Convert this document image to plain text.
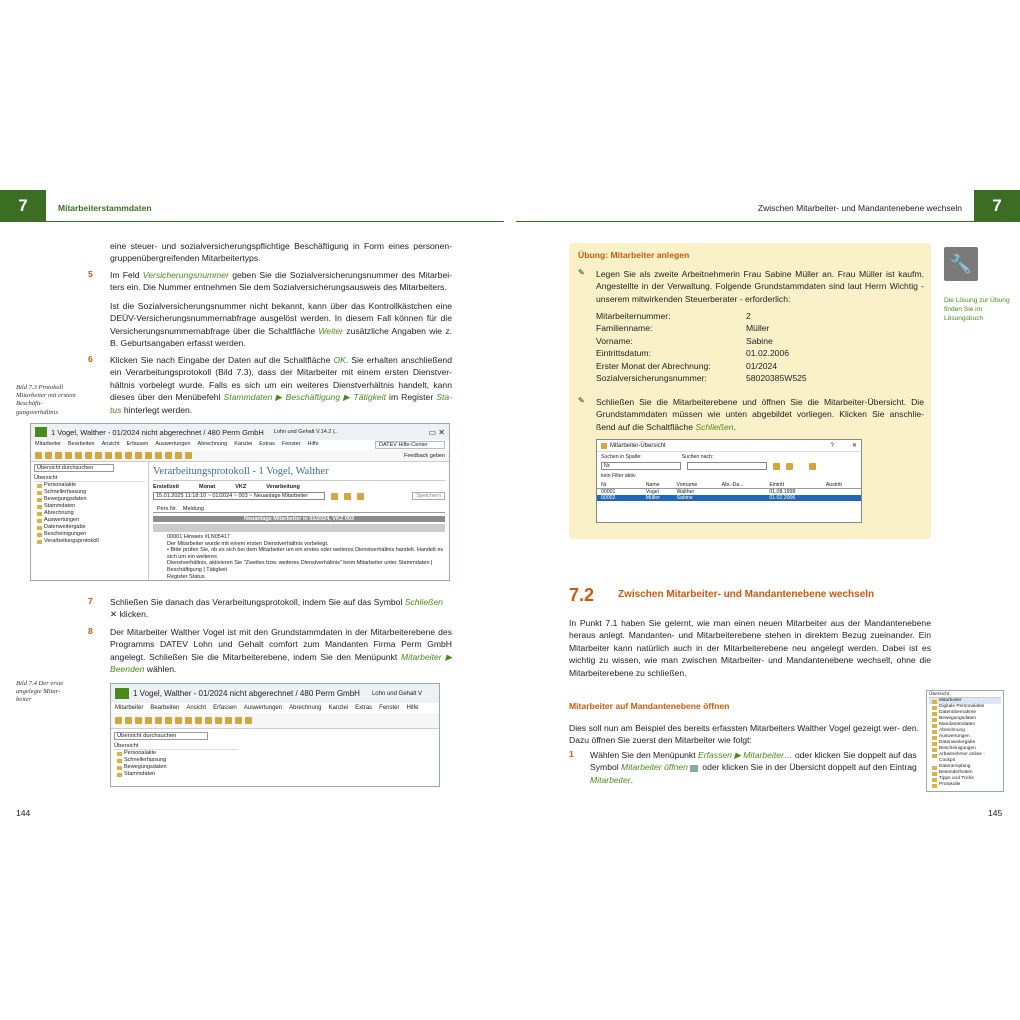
7	Mitarbeiterstammdaten

eine steuer- und sozialversicherungspflichtige Beschäftigung in Form eines personen- gruppenübergreifenden Mitarbeitertyps.

5 Im Feld Versicherungsnummer geben Sie die Sozialversicherungsnummer des Mitarbei- ters ein. Die Nummer entnehmen Sie dem Sozialversicherungsausweis des Mitarbeiters.

Ist die Sozialversicherungsnummer nicht bekannt, kann über das Kontrollkästchen eine DEÜV-Versicherungsnummernabfrage ausgelöst werden. In diesem Fall können für die Versicherungsnummernabfrage über die Schaltfläche Weiter zusätzliche Angaben wie z. B. Geburtsangaben erfasst werden.

6 Klicken Sie nach Eingabe der Daten auf die Schaltfläche OK. Sie erhalten anschließend ein Verarbeitungsprotokoll (Bild 7.3), dass der Mitarbeiter mit einem ersten Dienstver- hältnis vorbelegt wurde. Falls es sich um ein weiteres Dienstverhältnis handelt, kann dieses über den Menübefehl Stammdaten ▶ Beschäftigung ▶ Tätigkeit im Register Sta- tus hinterlegt werden.

Bild 7.3 Protokoll Mitarbeiter mit erstem Beschäfti- gungsverhältnis
1 Vogel, Walther - 01/2024 nicht abgerechnet / 480 Perm GmbH Lohn und Gehalt V.14.2 (..	▭ ✕
Mitarbeiter Bearbeiten Ansicht Erfassen Auswertungen Abrechnung Kanzlei Extras Fenster Hilfe	DATEV Hilfe-Center
Feedback geben
Übersicht durchsuchen
Übersicht
Personalakte
Schnellerfassung
Bewegungsdaten
Stammdaten
Abrechnung
Auswertungen
Datenweitergabe
Bescheinigungen
Verarbeitungsprotokoll
Verarbeitungsprotokoll - 1 Vogel, Walther
Erstellzeit	Monat	VKZ	Verarbeitung
15.01.2025 11:18:10 ~ 01/2024 ~ 003 ~ Neuanlage Mitarbeiter	Speichern
Pers.Nr. Meldung
Neuanlage Mitarbeiter in 01/2024, VKZ 003
00001 Hinweis #LN05417
Der Mitarbeiter wurde mit einem ersten Dienstverhältnis vorbelegt.
• Bitte prüfen Sie, ob es sich bei dem Mitarbeiter um ein erstes oder weiteres Dienstverhältnis handelt. Handelt es sich um ein weiteres
Dienstverhältnis, aktivieren Sie "Zweites bzw. weiteres Dienstverhältnis" beim Mitarbeiter unter Stammdaten | Beschäftigung | Tätigkeit
Register Status.
7 Schließen Sie danach das Verarbeitungsprotokoll, indem Sie auf das Symbol Schließen ✕ klicken.

8 Der Mitarbeiter Walther Vogel ist mit den Grundstammdaten in der Mitarbeiterebene des Programms DATEV Lohn und Gehalt comfort zum Mandanten Firma Perm GmbH angelegt. Schließen Sie die Mitarbeiterebene, indem Sie den Menüpunkt Mitarbeiter ▶ Beenden wählen.

Bild 7.4 Der erste angelegte Mitar- beiter
1 Vogel, Walther - 01/2024 nicht abgerechnet / 480 Perm GmbH Lohn und Gehalt V
Mitarbeiter Bearbeiten Ansicht Erfassen Auswertungen Abrechnung Kanzlei Extras Fenster Hilfe
Übersicht durchsuchen
Übersicht
Personalakte
Schnellerfassung
Bewegungsdaten
Stammdaten
144
Zwischen Mitarbeiter- und Mandantenebene wechseln 7
Übung: Mitarbeiter anlegen
✎ Legen Sie als zweite Arbeitnehmerin Frau Sabine Müller an. Frau Müller ist kaufm. Angestellte in der Verwaltung. Folgende Grundstammdaten sind laut Herrn Wichtig - unserem mitwirkenden Steuerberater - erforderlich:

Mitarbeiternummer:	2
Familienname:	Müller
Vorname:	Sabine
Eintrittsdatum:	01.02.2006
Erster Monat der Abrechnung:	01/2024
Sozialversicherungsnummer:	58020385W525
✎ Schließen Sie die Mitarbeiterebene und öffnen Sie die Mitarbeiter-Übersicht. Die Grundstammdaten müssen wie unten abgebildet vorliegen. Klicken Sie anschlie- ßend auf die Schaltfläche Schließen.

Mitarbeiter-Übersicht	?	✕
Suchen in Spalte:	Suchen nach:
Nr.
kein Filter aktiv
Nr.	Name	Vorname	Abr.-Da...	Eintritt	Austritt
00001	Vogel	Walther		01.08.1998	
00002	Müller	Sabine		01.02.2006	
🔧
Die Lösung zur Übung finden Sie im Lösungsbuch
7.2 Zwischen Mitarbeiter- und Mandantenebene wechseln

In Punkt 7.1 haben Sie gelernt, wie man einen neuen Mitarbeiter aus der Mandantenebene heraus anlegt. Mandanten- und Mitarbeiterebene stehen in direktem Bezug zueinander. Ein Mitarbeiter kann natürlich auch in der Mitarbeiterebene neu angelegt werden. Dabei ist es wichtig zu wissen, wie man zwischen Mitarbeiter- und Mandantenebene wechselt, ohne die Mitarbeiterebene zu schließen.

Mitarbeiter auf Mandantenebene öffnen

Dies soll nun am Beispiel des bereits erfassten Mitarbeiters Walther Vogel gezeigt wer- den. Dazu öffnen Sie zuerst den Mitarbeiter wie folgt:

1 Wählen Sie den Menüpunkt Erfassen ▶ Mitarbeiter… oder klicken Sie doppelt auf das Symbol Mitarbeiter öffnen oder klicken Sie in der Übersicht doppelt auf den Eintrag Mitarbeiter.

Übersicht
Mitarbeiter
Digitale Personalakte
Datenübernahme
Bewegungsdaten
Mandantendaten
Abrechnung
Auswertungen
Datenweitergabe
Bescheinigungen
Arbeitnehmer online - Cockpit
Datenempfang
Besonderheiten
Tipps und Tricks
Protokolle
145
